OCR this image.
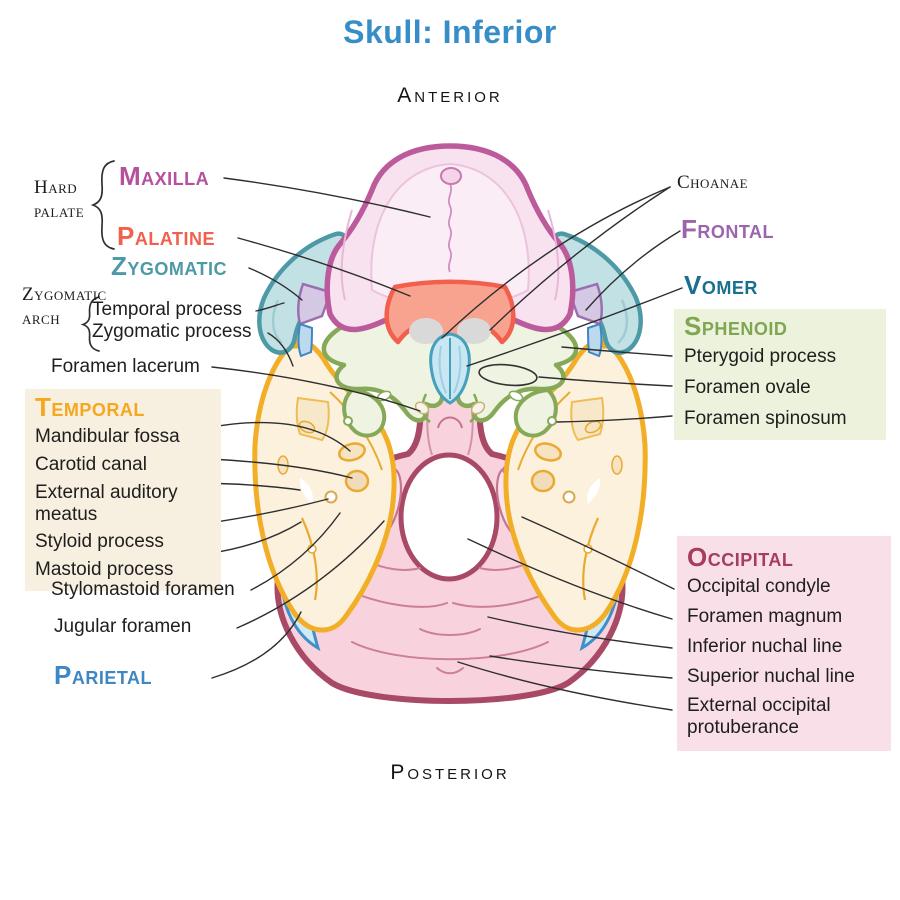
Skull: Inferior
Anterior
Posterior
Hard palate
Maxilla
Palatine
Zygomatic
Zygomatic arch	Temporal process
Zygomatic process
Foramen lacerum
Temporal
Mandibular fossa
Carotid canal
External auditory meatus
Styloid process
Mastoid process
Stylomastoid foramen
Jugular foramen
Parietal
Choanae
Frontal
Vomer
Sphenoid
Pterygoid process
Foramen ovale
Foramen spinosum
Occipital
Occipital condyle
Foramen magnum
Inferior nuchal line
Superior nuchal line
External occipital protuberance
